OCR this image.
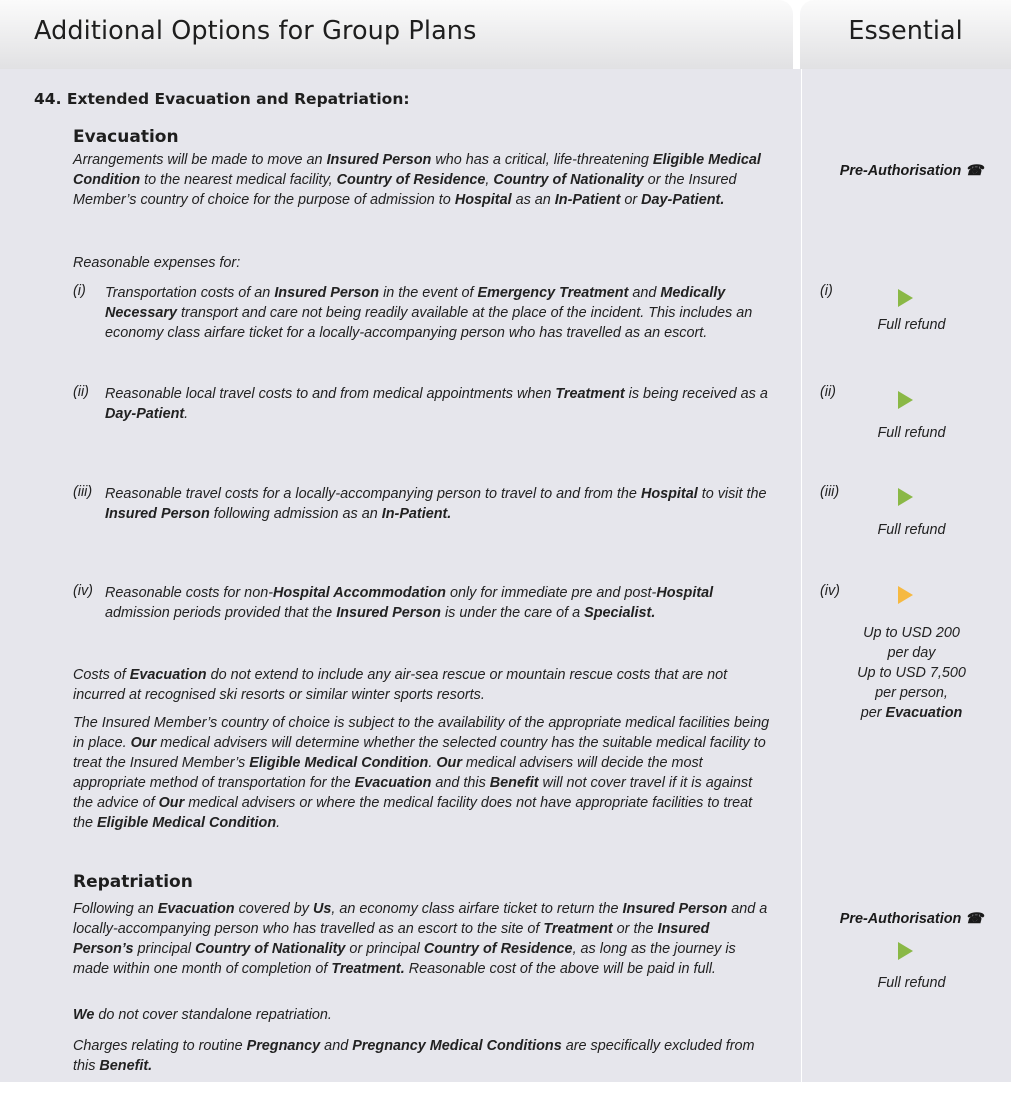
Additional Options for Group Plans	Essential

44. Extended Evacuation and Repatriation:

Evacuation

Arrangements will be made to move an Insured Person who has a critical, life-threatening Eligible Medical Condition to the nearest medical facility, Country of Residence, Country of Nationality or the Insured Member’s country of choice for the purpose of admission to Hospital as an In-Patient or Day-Patient.

Reasonable expenses for:

(i) Transportation costs of an Insured Person in the event of Emergency Treatment and Medically Necessary transport and care not being readily available at the place of the incident. This includes an economy class airfare ticket for a locally-accompanying person who has travelled as an escort.

(ii) Reasonable local travel costs to and from medical appointments when Treatment is being received as a Day-Patient.

(iii) Reasonable travel costs for a locally-accompanying person to travel to and from the Hospital to visit the Insured Person following admission as an In-Patient.

(iv) Reasonable costs for non-Hospital Accommodation only for immediate pre and post-Hospital admission periods provided that the Insured Person is under the care of a Specialist.

Costs of Evacuation do not extend to include any air-sea rescue or mountain rescue costs that are not incurred at recognised ski resorts or similar winter sports resorts.

The Insured Member’s country of choice is subject to the availability of the appropriate medical facilities being in place. Our medical advisers will determine whether the selected country has the suitable medical facility to treat the Insured Member’s Eligible Medical Condition. Our medical advisers will decide the most appropriate method of transportation for the Evacuation and this Benefit will not cover travel if it is against the advice of Our medical advisers or where the medical facility does not have appropriate facilities to treat the Eligible Medical Condition.

Repatriation

Following an Evacuation covered by Us, an economy class airfare ticket to return the Insured Person and a locally-accompanying person who has travelled as an escort to the site of Treatment or the Insured Person’s principal Country of Nationality or principal Country of Residence, as long as the journey is made within one month of completion of Treatment. Reasonable cost of the above will be paid in full.

We do not cover standalone repatriation.

Charges relating to routine Pregnancy and Pregnancy Medical Conditions are specifically excluded from this Benefit.

Pre-Authorisation ☎

(i)

Full refund

(ii)

Full refund

(iii)

Full refund

(iv)

Up to USD 200
per day
Up to USD 7,500
per person,
per Evacuation

Pre-Authorisation ☎

Full refund
